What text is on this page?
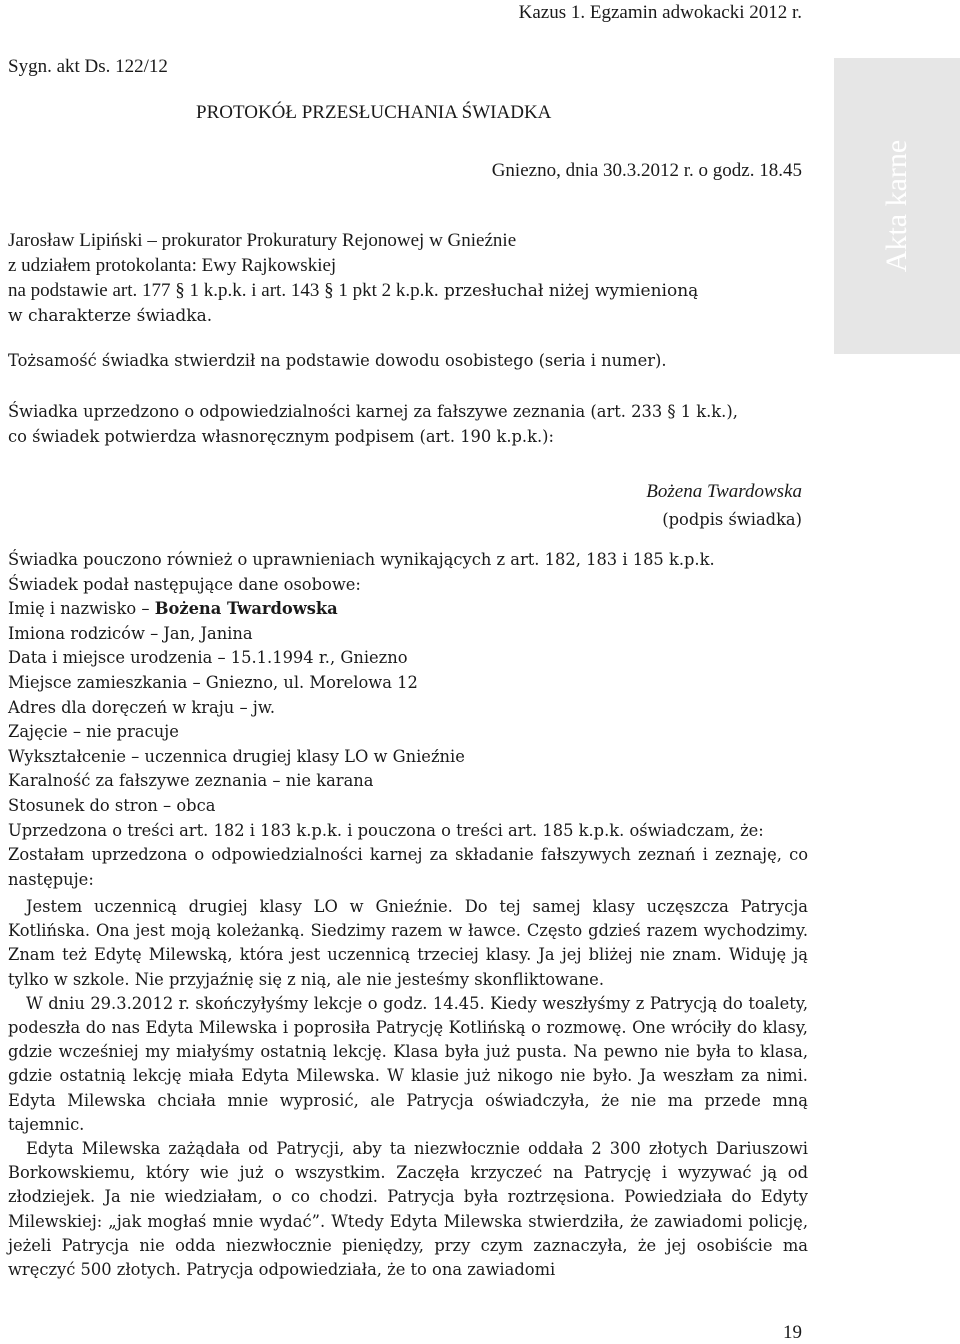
Kazus 1. Egzamin adwokacki 2012 r.
Akta karne
Sygn. akt Ds. 122/12
PROTOKÓŁ PRZESŁUCHANIA ŚWIADKA
Gniezno, dnia 30.3.2012 r. o godz. 18.45
Jarosław Lipiński – prokurator Prokuratury Rejonowej w Gnieźnie
z udziałem protokolanta: Ewy Rajkowskiej
na podstawie art. 177 § 1 k.p.k. i art. 143 § 1 pkt 2 k.p.k. przesłuchał niżej wymienioną
w charakterze świadka.
Tożsamość świadka stwierdził na podstawie dowodu osobistego (seria i numer).
Świadka uprzedzono o odpowiedzialności karnej za fałszywe zeznania (art. 233 § 1 k.k.),
co świadek potwierdza własnoręcznym podpisem (art. 190 k.p.k.):
Bożena Twardowska
(podpis świadka)
Świadka pouczono również o uprawnieniach wynikających z art. 182, 183 i 185 k.p.k.
Świadek podał następujące dane osobowe:
Imię i nazwisko – Bożena Twardowska
Imiona rodziców – Jan, Janina
Data i miejsce urodzenia – 15.1.1994 r., Gniezno
Miejsce zamieszkania – Gniezno, ul. Morelowa 12
Adres dla doręczeń w kraju – jw.
Zajęcie – nie pracuje
Wykształcenie – uczennica drugiej klasy LO w Gnieźnie
Karalność za fałszywe zeznania – nie karana
Stosunek do stron – obca
Uprzedzona o treści art. 182 i 183 k.p.k. i pouczona o treści art. 185 k.p.k. oświadczam, że:
Zostałam uprzedzona o odpowiedzialności karnej za składanie fałszywych zeznań i zeznaję, co następuje:

Jestem uczennicą drugiej klasy LO w Gnieźnie. Do tej samej klasy uczęszcza Patrycja Kotlińska. Ona jest moją koleżanką. Siedzimy razem w ławce. Często gdzieś razem wychodzimy. Znam też Edytę Milewską, która jest uczennicą trzeciej klasy. Ja jej bliżej nie znam. Widuję ją tylko w szkole. Nie przyjaźnię się z nią, ale nie jesteśmy skonfliktowane.

W dniu 29.3.2012 r. skończyłyśmy lekcje o godz. 14.45. Kiedy weszłyśmy z Patrycją do toalety, podeszła do nas Edyta Milewska i poprosiła Patrycję Kotlińską o rozmowę. One wróciły do klasy, gdzie wcześniej my miałyśmy ostatnią lekcję. Klasa była już pusta. Na pewno nie była to klasa, gdzie ostatnią lekcję miała Edyta Milewska. W klasie już nikogo nie było. Ja weszłam za nimi. Edyta Milewska chciała mnie wyprosić, ale Patrycja oświadczyła, że nie ma przede mną tajemnic.

Edyta Milewska zażądała od Patrycji, aby ta niezwłocznie oddała 2 300 złotych Dariuszowi Borkowskiemu, który wie już o wszystkim. Zaczęła krzyczeć na Patrycję i wyzywać ją od złodziejek. Ja nie wiedziałam, o co chodzi. Patrycja była roztrzęsiona. Powiedziała do Edyty Milewskiej: „jak mogłaś mnie wydać”. Wtedy Edyta Milewska stwierdziła, że zawiadomi policję, jeżeli Patrycja nie odda niezwłocznie pieniędzy, przy czym zaznaczyła, że jej osobiście ma wręczyć 500 złotych. Patrycja odpowiedziała, że to ona zawiadomi

19
